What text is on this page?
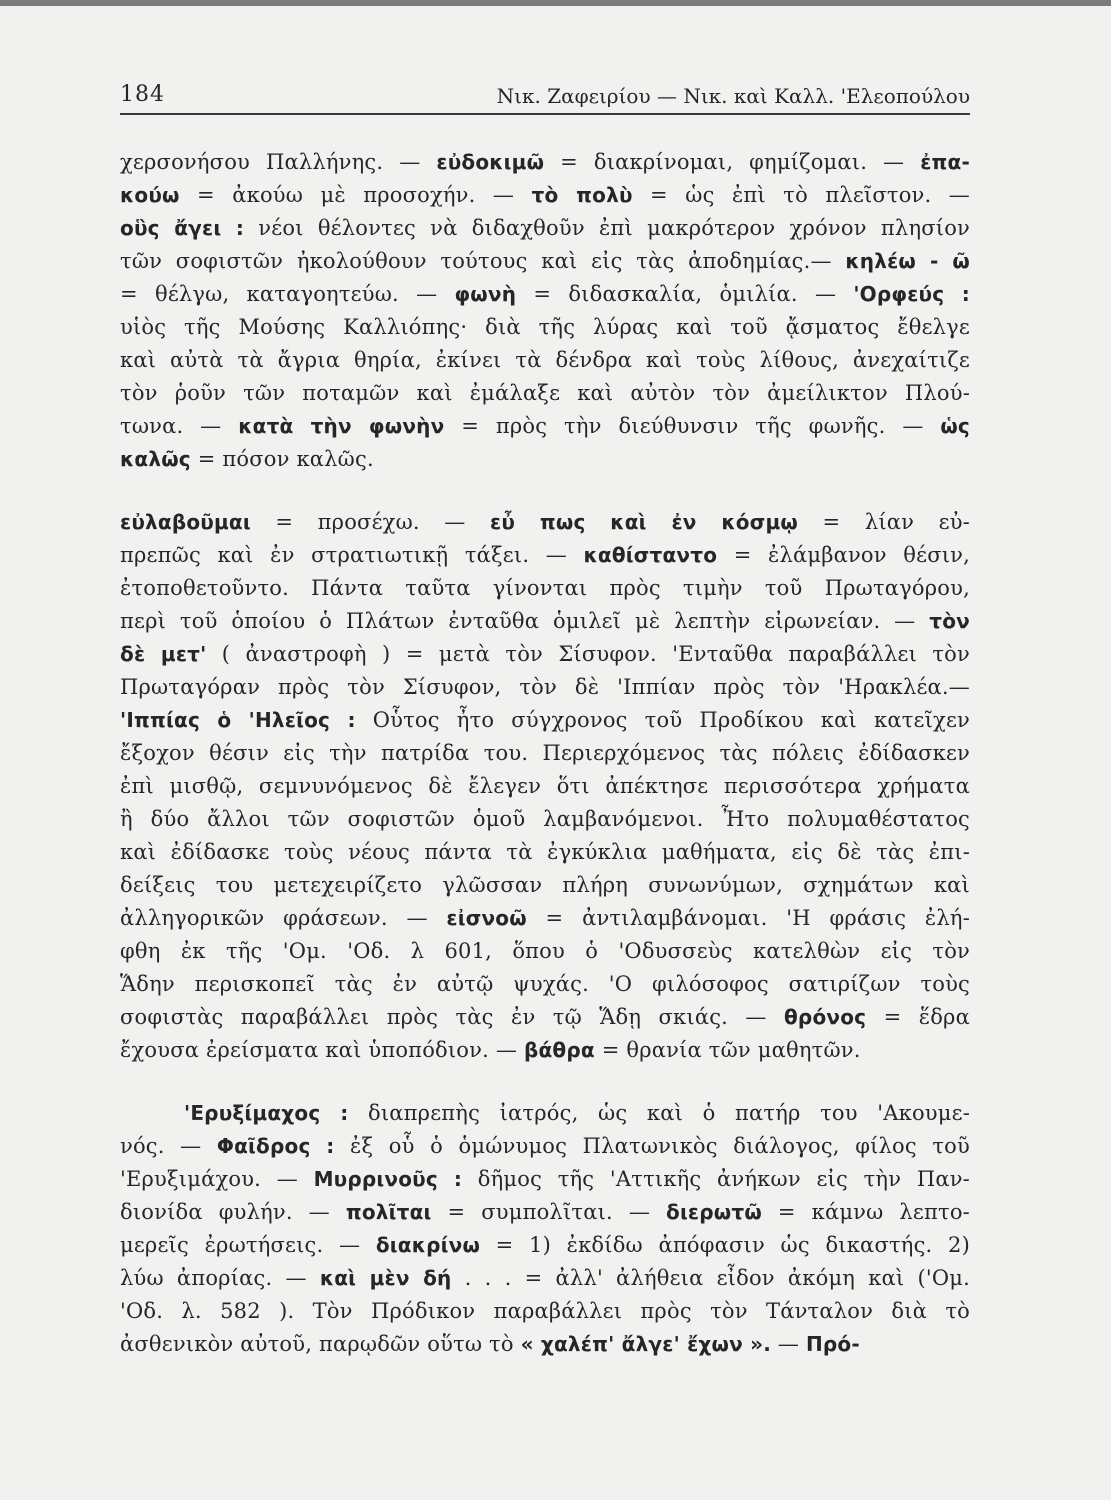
184	Νικ. Ζαφειρίου — Νικ. καὶ Καλλ. 'Ελεοπούλου
χερσονήσου Παλλήνης. — εὐδοκιμῶ = διακρίνομαι, φημίζομαι. — ἐπα-
κούω = ἀκούω μὲ προσοχήν. — τὸ πολὺ = ὡς ἐπὶ τὸ πλεῖστον. —
οὓς ἄγει : νέοι θέλοντες νὰ διδαχθοῦν ἐπὶ μακρότερον χρόνον πλησίον
τῶν σοφιστῶν ἠκολούθουν τούτους καὶ εἰς τὰς ἀποδημίας.— κηλέω - ῶ
= θέλγω, καταγοητεύω. — φωνὴ = διδασκαλία, ὁμιλία. — 'Ορφεύς :
υἱὸς τῆς Μούσης Καλλιόπης· διὰ τῆς λύρας καὶ τοῦ ᾄσματος ἔθελγε
καὶ αὐτὰ τὰ ἄγρια θηρία, ἐκίνει τὰ δένδρα καὶ τοὺς λίθους, ἀνεχαίτιζε
τὸν ῥοῦν τῶν ποταμῶν καὶ ἐμάλαξε καὶ αὐτὸν τὸν ἀμείλικτον Πλού-
τωνα. — κατὰ τὴν φωνὴν = πρὸς τὴν διεύθυνσιν τῆς φωνῆς. — ὡς
καλῶς = πόσον καλῶς.
εὐλαβοῦμαι = προσέχω. — εὖ πως καὶ ἐν κόσμῳ = λίαν εὐ-
πρεπῶς καὶ ἐν στρατιωτικῇ τάξει. — καθίσταντο = ἐλάμβανον θέσιν,
ἐτοποθετοῦντο. Πάντα ταῦτα γίνονται πρὸς τιμὴν τοῦ Πρωταγόρου,
περὶ τοῦ ὁποίου ὁ Πλάτων ἐνταῦθα ὁμιλεῖ μὲ λεπτὴν εἰρωνείαν. — τὸν
δὲ μετ' ( ἀναστροφὴ ) = μετὰ τὸν Σίσυφον. 'Ενταῦθα παραβάλλει τὸν
Πρωταγόραν πρὸς τὸν Σίσυφον, τὸν δὲ 'Ιππίαν πρὸς τὸν 'Ηρακλέα.—
'Ιππίας ὁ 'Ηλεῖος : Οὗτος ἦτο σύγχρονος τοῦ Προδίκου καὶ κατεῖχεν
ἔξοχον θέσιν εἰς τὴν πατρίδα του. Περιερχόμενος τὰς πόλεις ἐδίδασκεν
ἐπὶ μισθῷ, σεμνυνόμενος δὲ ἔλεγεν ὅτι ἀπέκτησε περισσότερα χρήματα
ἢ δύο ἄλλοι τῶν σοφιστῶν ὁμοῦ λαμβανόμενοι. Ἦτο πολυμαθέστατος
καὶ ἐδίδασκε τοὺς νέους πάντα τὰ ἐγκύκλια μαθήματα, εἰς δὲ τὰς ἐπι-
δείξεις του μετεχειρίζετο γλῶσσαν πλήρη συνωνύμων, σχημάτων καὶ
ἀλληγορικῶν φράσεων. — εἰσνοῶ = ἀντιλαμβάνομαι. 'Η φράσις ἐλή-
φθη ἐκ τῆς 'Ομ. 'Οδ. λ 601, ὅπου ὁ 'Οδυσσεὺς κατελθὼν εἰς τὸν
Ἅδην περισκοπεῖ τὰς ἐν αὐτῷ ψυχάς. 'Ο φιλόσοφος σατιρίζων τοὺς
σοφιστὰς παραβάλλει πρὸς τὰς ἐν τῷ Ἅδῃ σκιάς. — θρόνος = ἕδρα
ἔχουσα ἐρείσματα καὶ ὑποπόδιον. — βάθρα = θρανία τῶν μαθητῶν.
'Ερυξίμαχος : διαπρεπὴς ἰατρός, ὡς καὶ ὁ πατήρ του 'Ακουμε-
νός. — Φαῖδρος : ἐξ οὗ ὁ ὁμώνυμος Πλατωνικὸς διάλογος, φίλος τοῦ
'Ερυξιμάχου. — Μυρρινοῦς : δῆμος τῆς 'Αττικῆς ἀνήκων εἰς τὴν Παν-
διονίδα φυλήν. — πολῖται = συμπολῖται. — διερωτῶ = κάμνω λεπτο-
μερεῖς ἐρωτήσεις. — διακρίνω = 1) ἐκδίδω ἀπόφασιν ὡς δικαστής. 2)
λύω ἀπορίας. — καὶ μὲν δή . . . = ἀλλ' ἀλήθεια εἶδον ἀκόμη καὶ ('Ομ.
'Οδ. λ. 582 ). Τὸν Πρόδικον παραβάλλει πρὸς τὸν Τάνταλον διὰ τὸ
ἀσθενικὸν αὐτοῦ, παρῳδῶν οὕτω τὸ « χαλέπ' ἄλγε' ἔχων ». — Πρό-
